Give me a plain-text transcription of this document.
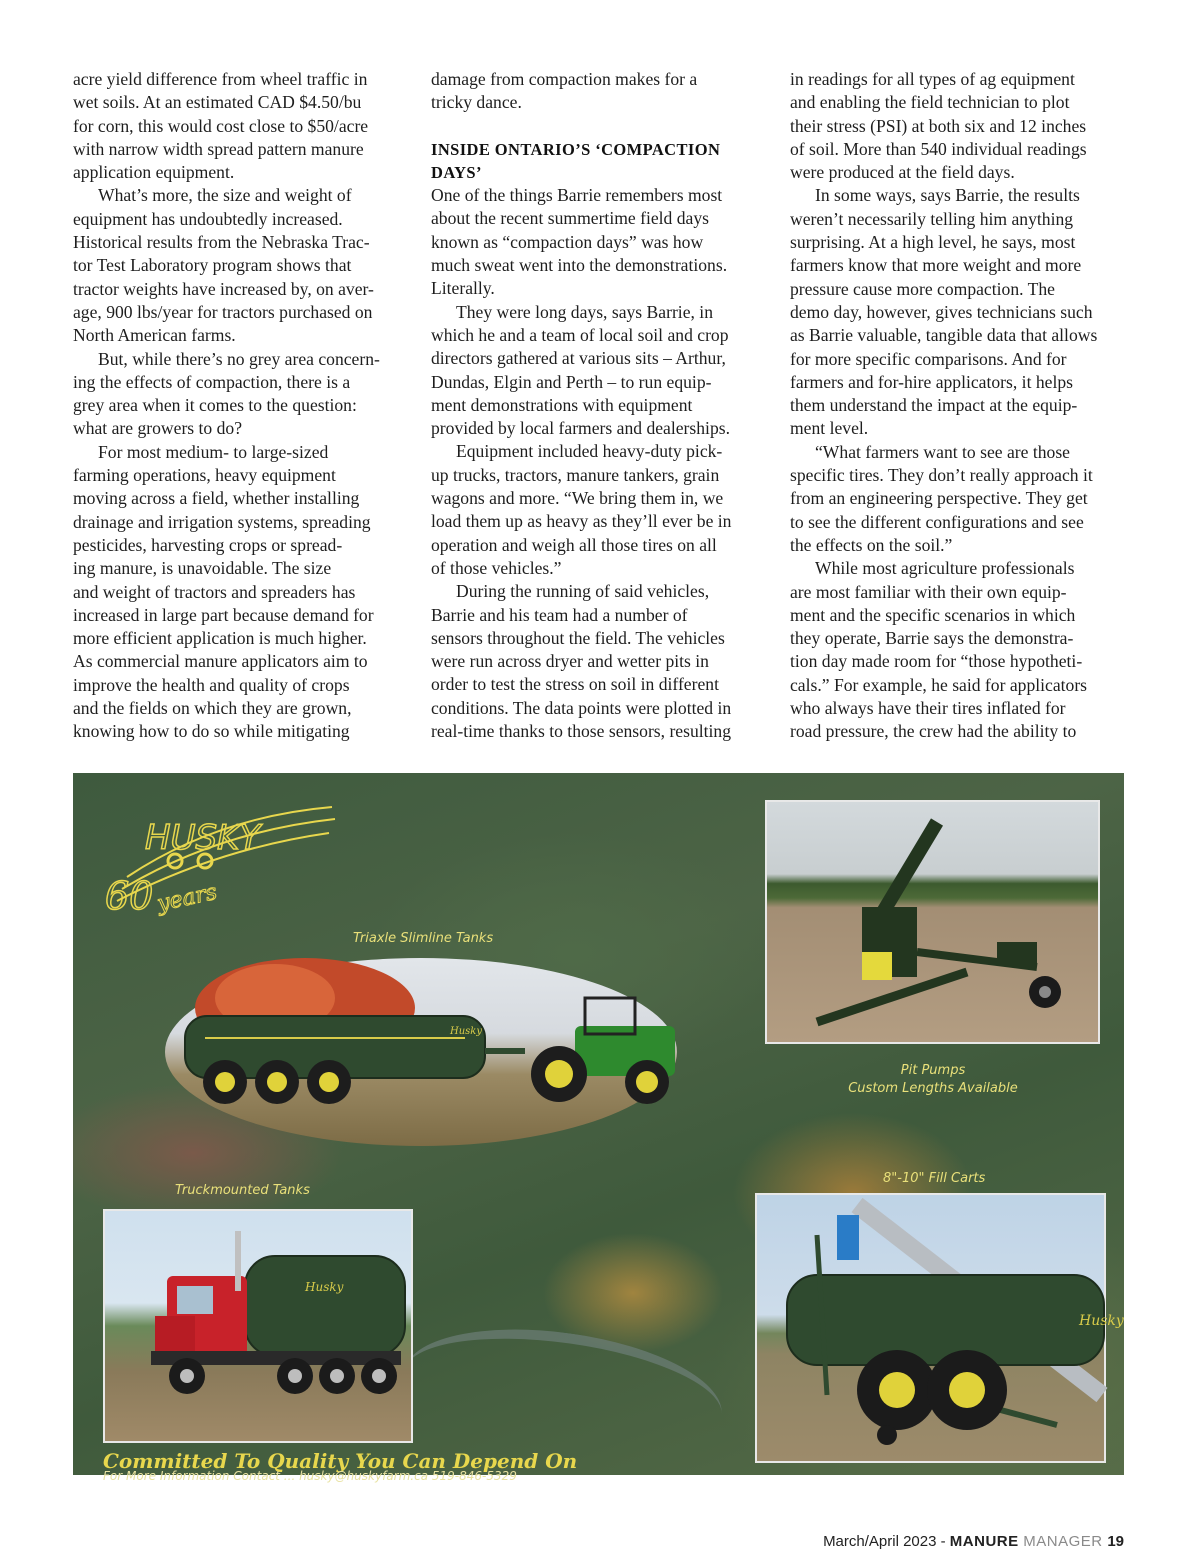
acre yield difference from wheel traffic in

wet soils. At an estimated CAD $4.50/bu

for corn, this would cost close to $50/acre

with narrow width spread pattern manure

application equipment.

What’s more, the size and weight of

equipment has undoubtedly increased.

Historical results from the Nebraska Trac-

tor Test Laboratory program shows that

tractor weights have increased by, on aver-

age, 900 lbs/year for tractors purchased on

North American farms.

But, while there’s no grey area concern-

ing the effects of compaction, there is a

grey area when it comes to the question:

what are growers to do?

For most medium- to large-sized

farming operations, heavy equipment

moving across a field, whether installing

drainage and irrigation systems, spreading

pesticides, harvesting crops or spread-

ing manure, is unavoidable. The size

and weight of tractors and spreaders has

increased in large part because demand for

more efficient application is much higher.

As commercial manure applicators aim to

improve the health and quality of crops

and the fields on which they are grown,

knowing how to do so while mitigating

damage from compaction makes for a

tricky dance.

INSIDE ONTARIO’S ‘COMPACTION
DAYS’

One of the things Barrie remembers most

about the recent summertime field days

known as “compaction days” was how

much sweat went into the demonstrations.

Literally.

They were long days, says Barrie, in

which he and a team of local soil and crop

directors gathered at various sits – Arthur,

Dundas, Elgin and Perth – to run equip-

ment demonstrations with equipment

provided by local farmers and dealerships.

Equipment included heavy-duty pick-

up trucks, tractors, manure tankers, grain

wagons and more. “We bring them in, we

load them up as heavy as they’ll ever be in

operation and weigh all those tires on all

of those vehicles.”

During the running of said vehicles,

Barrie and his team had a number of

sensors throughout the field. The vehicles

were run across dryer and wetter pits in

order to test the stress on soil in different

conditions. The data points were plotted in

real-time thanks to those sensors, resulting

in readings for all types of ag equipment

and enabling the field technician to plot

their stress (PSI) at both six and 12 inches

of soil. More than 540 individual readings

were produced at the field days.

In some ways, says Barrie, the results

weren’t necessarily telling him anything

surprising. At a high level, he says, most

farmers know that more weight and more

pressure cause more compaction. The

demo day, however, gives technicians such

as Barrie valuable, tangible data that allows

for more specific comparisons. And for

farmers and for-hire applicators, it helps

them understand the impact at the equip-

ment level.

“What farmers want to see are those

specific tires. They don’t really approach it

from an engineering perspective. They get

to see the different configurations and see

the effects on the soil.”

While most agriculture professionals

are most familiar with their own equip-

ment and the specific scenarios in which

they operate, Barrie says the demonstra-

tion day made room for “those hypotheti-

cals.” For example, he said for applicators

who always have their tires inflated for

road pressure, the crew had the ability to

HUSKY
60 years
Triaxle Slimline Tanks
Husky
Pit Pumps
Custom Lengths Available
Truckmounted Tanks
8"-10" Fill Carts
Husky
Husky
Committed To Quality You Can Depend On
For More Information Contact ... husky@huskyfarm.ca 519-846-5329
March/April 2023 - MANURE MANAGER 19
